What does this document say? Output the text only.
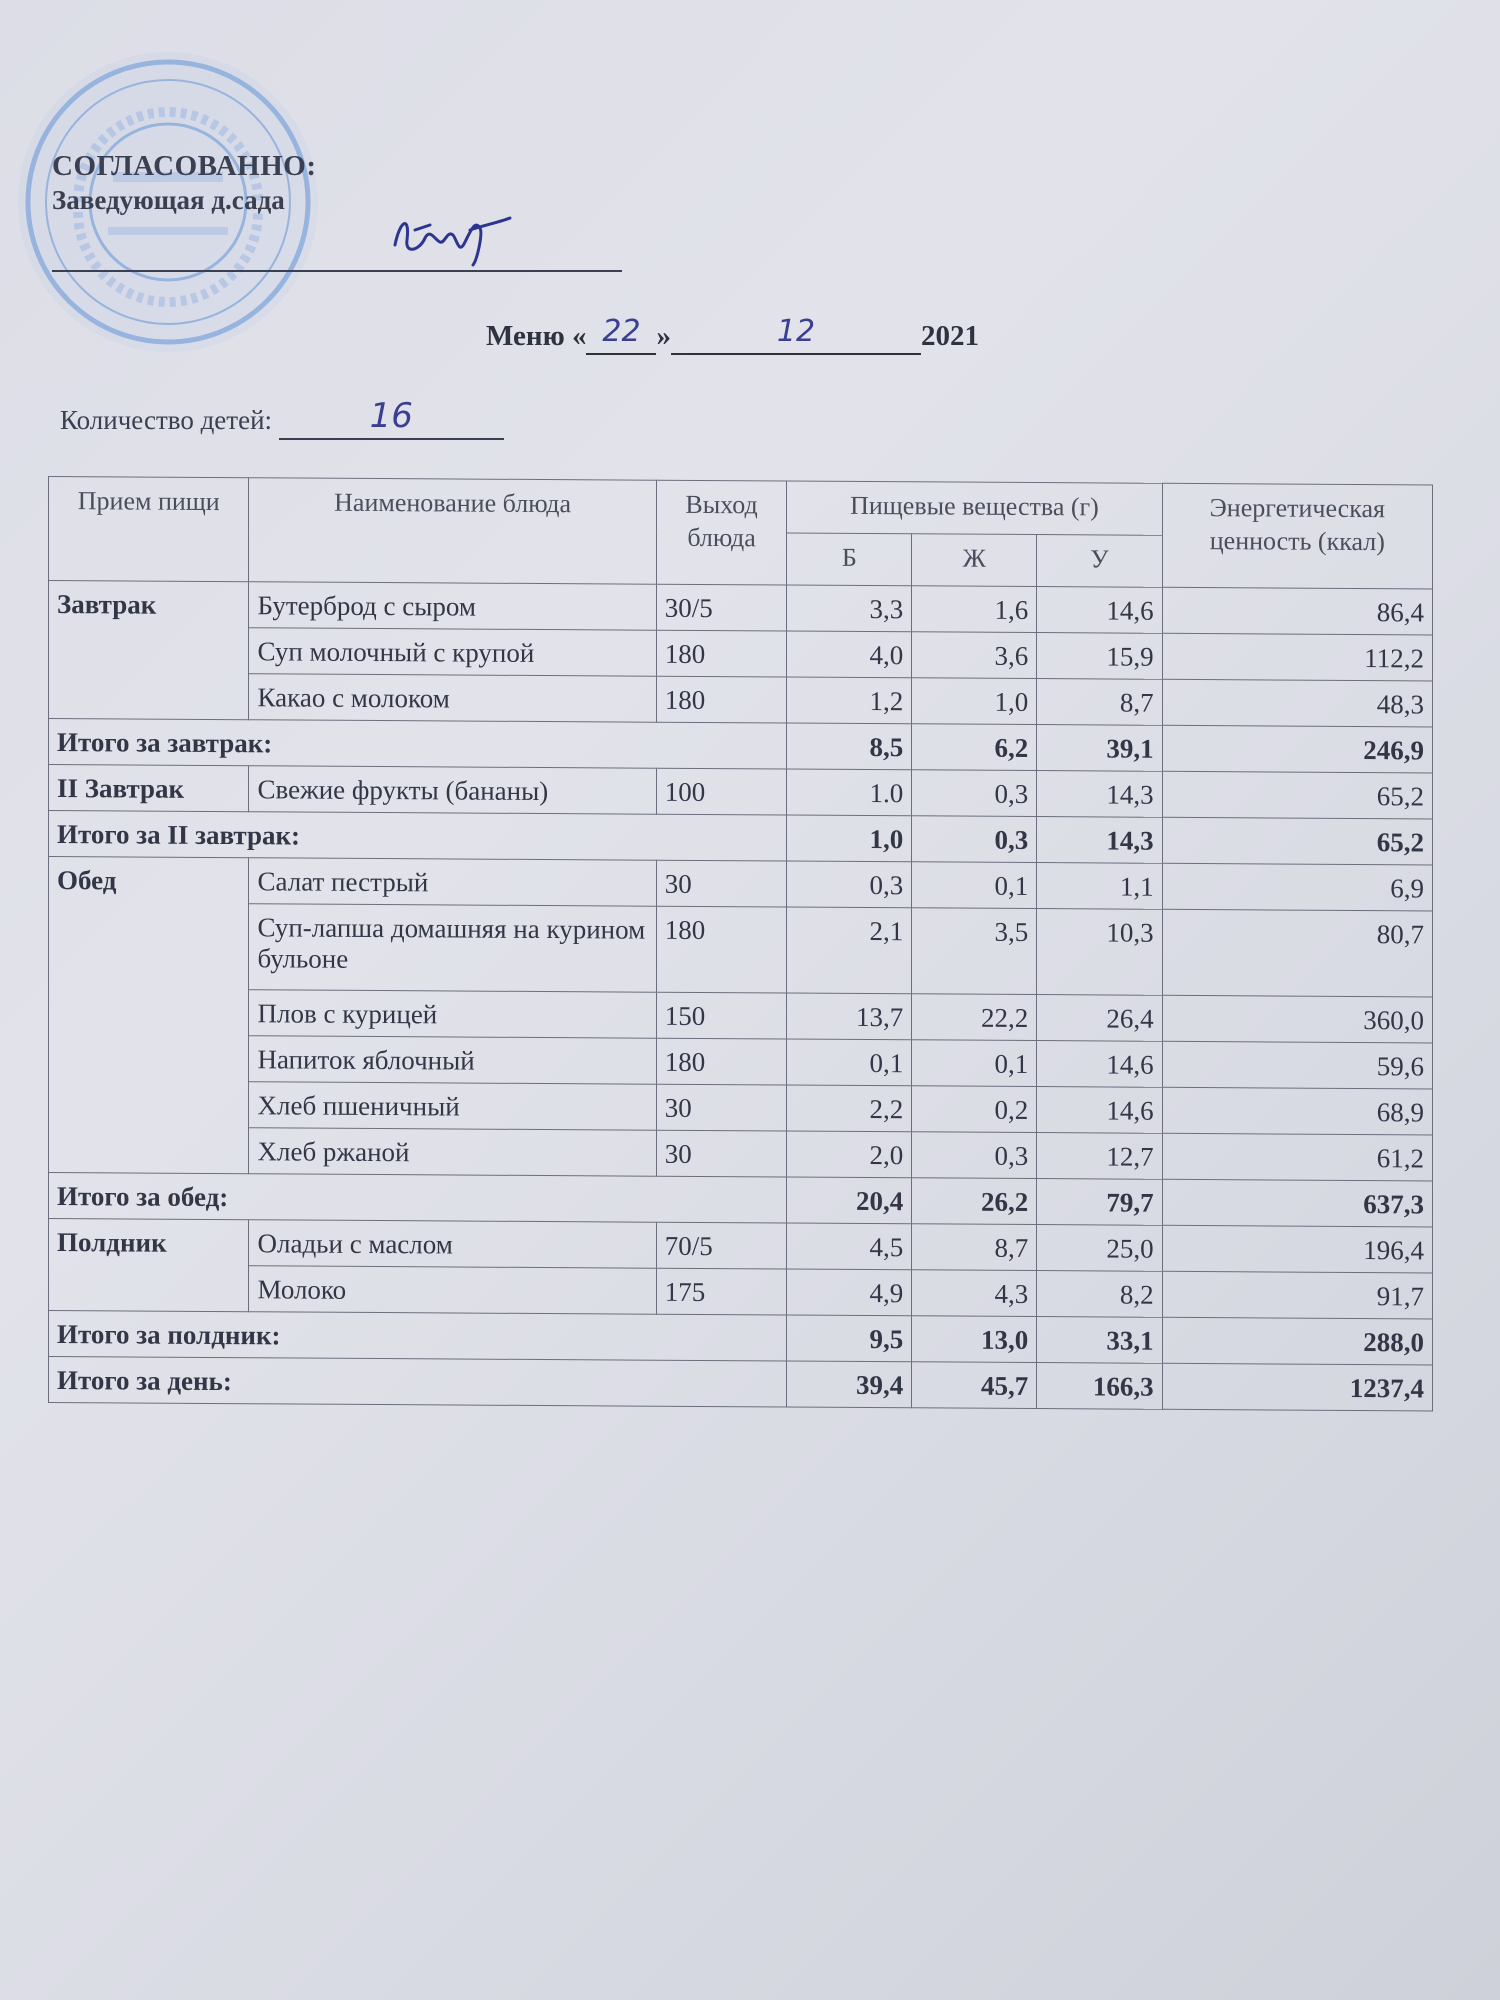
СОГЛАСОВАННО:
Заведующая д.сада
Меню « 22 »	12	2021
Количество детей:	16
Прием пищи	Наименование блюда	Выход блюда	Пищевые вещества (г)			Энергетическая ценность (ккал)
			Б	Ж	У	
Завтрак	Бутерброд с сыром	30/5	3,3	1,6	14,6	86,4
	Суп молочный с крупой	180	4,0	3,6	15,9	112,2
	Какао с молоком	180	1,2	1,0	8,7	48,3
Итого за завтрак:			8,5	6,2	39,1	246,9
II Завтрак	Свежие фрукты (бананы)	100	1.0	0,3	14,3	65,2
Итого за II завтрак:			1,0	0,3	14,3	65,2
Обед	Салат пестрый	30	0,3	0,1	1,1	6,9
	Суп-лапша домашняя на курином бульоне	180	2,1	3,5	10,3	80,7
	Плов с курицей	150	13,7	22,2	26,4	360,0
	Напиток яблочный	180	0,1	0,1	14,6	59,6
	Хлеб пшеничный	30	2,2	0,2	14,6	68,9
	Хлеб ржаной	30	2,0	0,3	12,7	61,2
Итого за обед:			20,4	26,2	79,7	637,3
Полдник	Оладьи с маслом	70/5	4,5	8,7	25,0	196,4
	Молоко	175	4,9	4,3	8,2	91,7
Итого за полдник:			9,5	13,0	33,1	288,0
Итого за день:			39,4	45,7	166,3	1237,4
